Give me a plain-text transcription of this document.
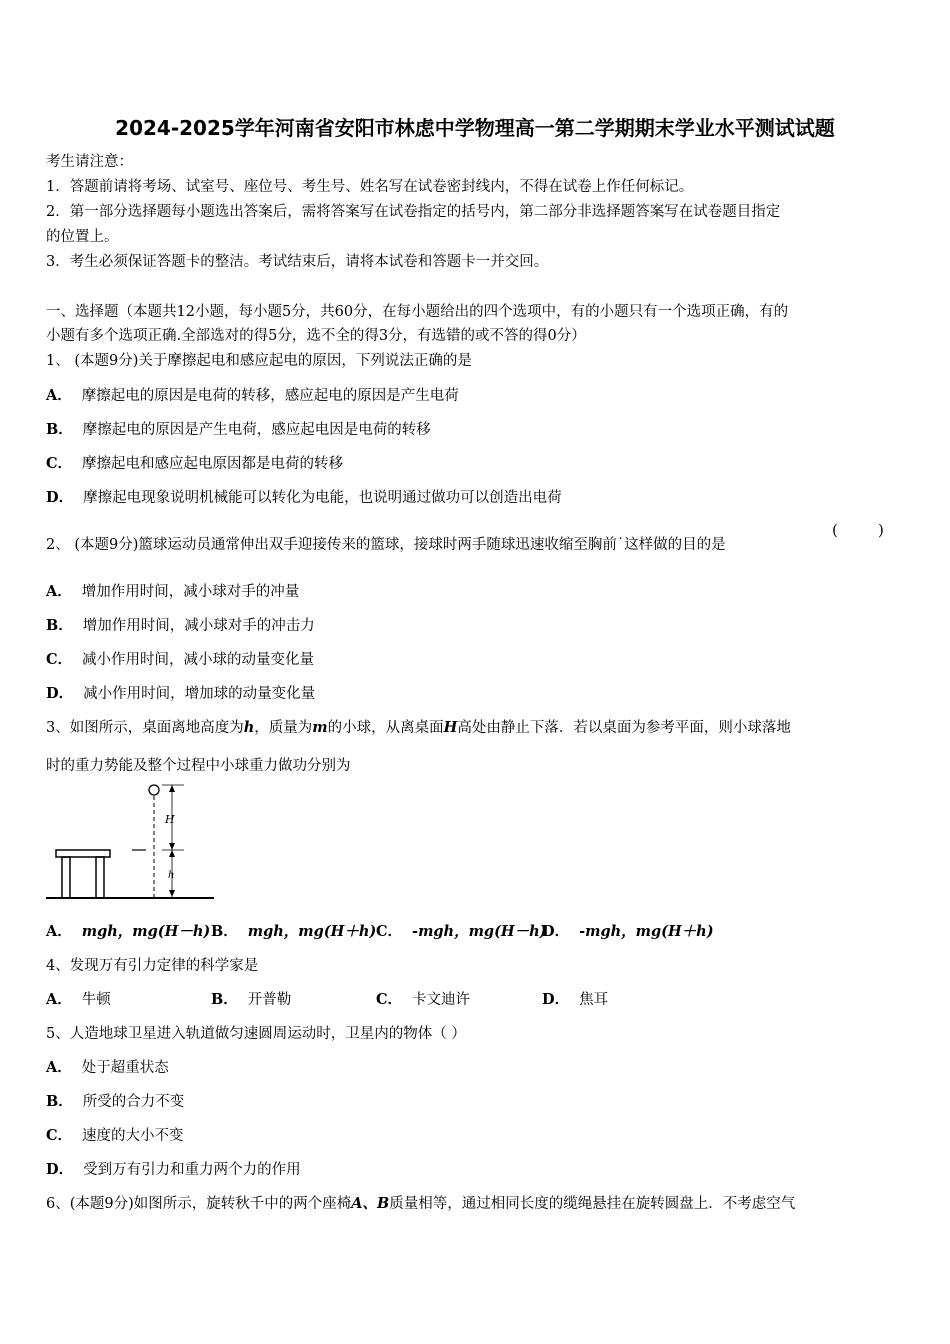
2024-2025学年河南省安阳市林虑中学物理高一第二学期期末学业水平测试试题
考生请注意：
1．答题前请将考场、试室号、座位号、考生号、姓名写在试卷密封线内，不得在试卷上作任何标记。
2．第一部分选择题每小题选出答案后，需将答案写在试卷指定的括号内，第二部分非选择题答案写在试卷题目指定
的位置上。
3．考生必须保证答题卡的整洁。考试结束后，请将本试卷和答题卡一并交回。
一、选择题（本题共12小题，每小题5分，共60分，在每小题给出的四个选项中，有的小题只有一个选项正确，有的
小题有多个选项正确.全部选对的得5分，选不全的得3分，有选错的或不答的得0分）
1、 (本题9分)关于摩擦起电和感应起电的原因，下列说法正确的是
A． 摩擦起电的原因是电荷的转移，感应起电的原因是产生电荷
B． 摩擦起电的原因是产生电荷，感应起电因是电荷的转移
C． 摩擦起电和感应起电原因都是电荷的转移
D． 摩擦起电现象说明机械能可以转化为电能，也说明通过做功可以创造出电荷
2、 (本题9分)篮球运动员通常伸出双手迎接传来的篮球，接球时两手随球迅速收缩至胸前˙这样做的目的是
(	)
A． 增加作用时间，减小球对手的冲量
B． 增加作用时间，减小球对手的冲击力
C． 减小作用时间，减小球的动量变化量
D． 减小作用时间，增加球的动量变化量
3、如图所示，桌面离地高度为h，质量为m的小球，从离桌面H高处由静止下落．若以桌面为参考平面，则小球落地
时的重力势能及整个过程中小球重力做功分别为
H
h
A． mgh，mg(H－h)B． mgh，mg(H＋h)C． -mgh，mg(H－h)D． -mgh，mg(H＋h)
4、发现万有引力定律的科学家是
A． 牛顿	B． 开普勒	C． 卡文迪许	D． 焦耳
5、人造地球卫星进入轨道做匀速圆周运动时，卫星内的物体（ ）
A． 处于超重状态
B． 所受的合力不变
C． 速度的大小不变
D． 受到万有引力和重力两个力的作用
6、(本题9分)如图所示，旋转秋千中的两个座椅A、B质量相等，通过相同长度的缆绳悬挂在旋转圆盘上．不考虑空气
